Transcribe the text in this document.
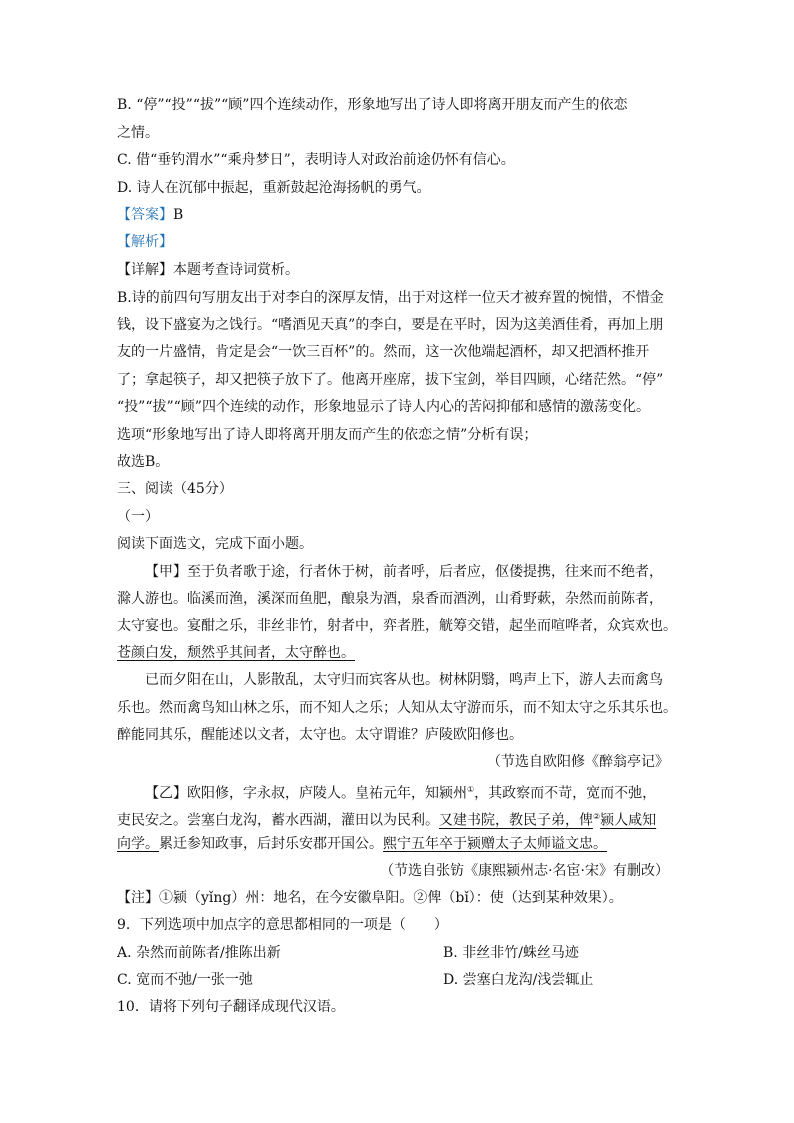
B. “停”“投”“拔”“顾”四个连续动作，形象地写出了诗人即将离开朋友而产生的依恋
之情。
C. 借“垂钓渭水”“乘舟梦日”，表明诗人对政治前途仍怀有信心。
D. 诗人在沉郁中振起，重新鼓起沧海扬帆的勇气。
【答案】B
【解析】
【详解】本题考查诗词赏析。
B.诗的前四句写朋友出于对李白的深厚友情，出于对这样一位天才被弃置的惋惜，不惜金
钱，设下盛宴为之饯行。“嗜酒见天真”的李白，要是在平时，因为这美酒佳肴，再加上朋
友的一片盛情，肯定是会“一饮三百杯”的。然而，这一次他端起酒杯，却又把酒杯推开
了；拿起筷子，却又把筷子放下了。他离开座席，拔下宝剑，举目四顾，心绪茫然。“停”
“投”“拔”“顾”四个连续的动作，形象地显示了诗人内心的苦闷抑郁和感情的激荡变化。
选项“形象地写出了诗人即将离开朋友而产生的依恋之情”分析有误；
故选B。
三、阅读（45分）
（一）
阅读下面选文，完成下面小题。
【甲】至于负者歌于途，行者休于树，前者呼，后者应，伛偻提携，往来而不绝者，
滁人游也。临溪而渔，溪深而鱼肥，酿泉为酒，泉香而酒洌，山肴野蔌，杂然而前陈者，
太守宴也。宴酣之乐，非丝非竹，射者中，弈者胜，觥筹交错，起坐而喧哗者，众宾欢也。
苍颜白发，颓然乎其间者，太守醉也。
已而夕阳在山，人影散乱，太守归而宾客从也。树林阴翳，鸣声上下，游人去而禽鸟
乐也。然而禽鸟知山林之乐，而不知人之乐；人知从太守游而乐，而不知太守之乐其乐也。
醉能同其乐，醒能述以文者，太守也。太守谓谁？庐陵欧阳修也。
（节选自欧阳修《醉翁亭记》
【乙】欧阳修，字永叔，庐陵人。皇祐元年，知颍州①，其政察而不苛，宽而不弛，
吏民安之。尝塞白龙沟，蓄水西湖，灌田以为民利。又建书院，教民子弟，俾②颍人咸知
向学。累迁参知政事，后封乐安郡开国公。熙宁五年卒于颍赠太子太师谥文忠。
（节选自张钫《康熙颍州志·名宦·宋》有删改）
【注】①颍（yǐng）州：地名，在今安徽阜阳。②俾（bǐ）：使（达到某种效果）。
9．下列选项中加点字的意思都相同的一项是（　　）
A. 杂然而前陈者/推陈出新	B. 非丝非竹/蛛丝马迹
C. 宽而不弛/一张一弛	D. 尝塞白龙沟/浅尝辄止
10．请将下列句子翻译成现代汉语。
